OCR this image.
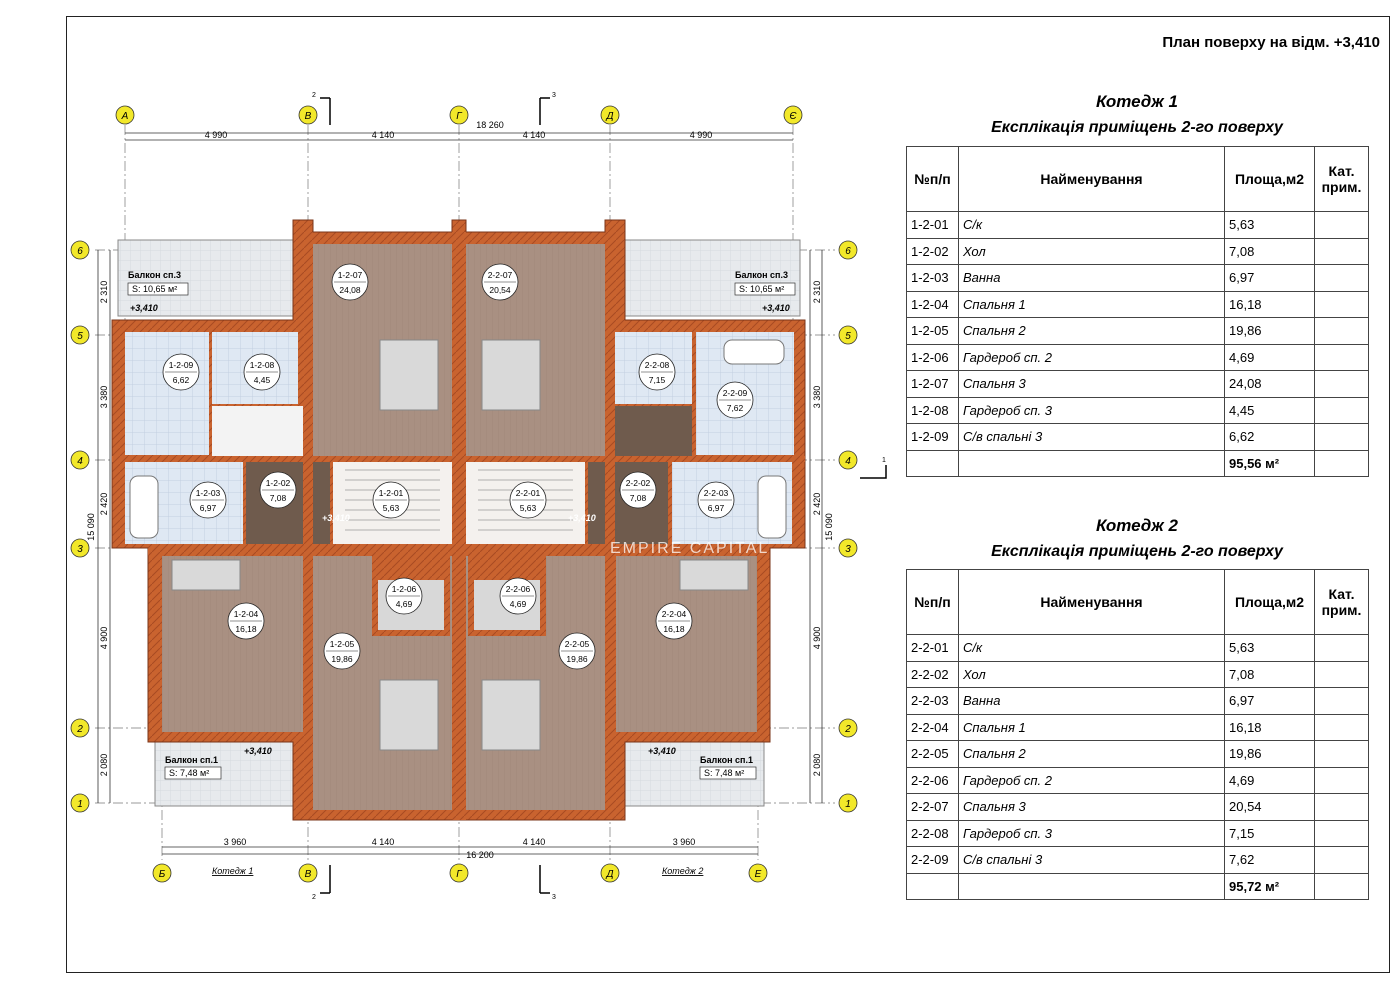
План поверху на відм. +3,410
Котедж 1
Експлікація приміщень 2-го поверху
№п/п	Найменування	Площа,м2	Кат. прим.
1-2-01	С/к	5,63	
1-2-02	Хол	7,08	
1-2-03	Ванна	6,97	
1-2-04	Спальня 1	16,18	
1-2-05	Спальня 2	19,86	
1-2-06	Гардероб сп. 2	4,69	
1-2-07	Спальня 3	24,08	
1-2-08	Гардероб сп. 3	4,45	
1-2-09	С/в спальні 3	6,62	
		95,56 м²	
Котедж 2
Експлікація приміщень 2-го поверху
№п/п	Найменування	Площа,м2	Кат. прим.
2-2-01	С/к	5,63	
2-2-02	Хол	7,08	
2-2-03	Ванна	6,97	
2-2-04	Спальня 1	16,18	
2-2-05	Спальня 2	19,86	
2-2-06	Гардероб сп. 2	4,69	
2-2-07	Спальня 3	20,54	
2-2-08	Гардероб сп. 3	7,15	
2-2-09	С/в спальні 3	7,62	
		95,72 м²	
+3,410	+3,410
+3,410	+3,410
+3,410	+3,410
Балкон сп.3
S: 10,65 м²
Балкон сп.3
S: 10,65 м²
Балкон сп.1
S: 7,48 м²
Балкон сп.1
S: 7,48 м²
1-2-07
24,08
2-2-07
20,54
1-2-09
6,62
1-2-08
4,45
2-2-08
7,15
2-2-09
7,62
1-2-03
6,97
1-2-02
7,08	1-2-01
5,63
2-2-01
5,63
2-2-02
7,08	2-2-03
6,97
1-2-04
16,18
1-2-06
4,69
2-2-06
4,69
2-2-04
16,18
1-2-05
19,86
2-2-05
19,86
А	В	Г	Д	Є
Б	В	Г	Д	Е
6	6
5	5
4	4
3	3
2	2
1	1
4 990	4 140	4 140	4 990
18 260
3 960	4 140	4 140	3 960
16 200
2 310	2 310
3 380	3 380
2 420	2 420
4 900	4 900
2 080	2 080
15 090	15 090
Котедж 1	Котедж 2
2	3
2	3
1
EMPIRE CAPITAL
